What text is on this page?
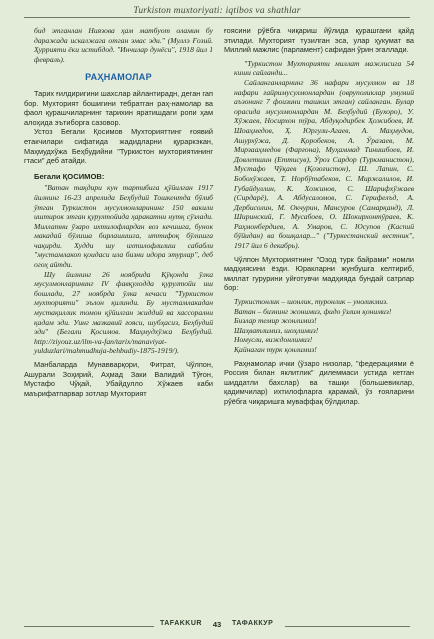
Turkiston muxtoriyati: iqtibos va shathlar

бид этганлан Ниязова ҳам матбуот оламин бу даражада искалжага отган эмас эди." (Муллэ Ғозий. Ҳуррияти ёки истибдод. "Инчилар дунёси", 1918 йил 1 февраль).

РАҲНАМОЛАР

Тарих ғилдиригини шахслар айлантирадн, деган гап бор. Мухторият бошигини тебратган раҳ-намолар ва фаол қурашчиларнинг тарихин яратишдаги ропи ҳам алоҳида эътиборга сазовор.

Устоз Бегали Қосимов Мухторияттинг ғоявий етакчилари сифатида жадидларни қураркэкан, Маҳмудхўжа Беҳбудийни "Туркистон мухториятининг гтаси" деб атайди.

Бегали ҚОСИМОВ:

"Ватан тақдири кун тартибига қўйилган 1917 йилнинг 16-23 апрелида Беҳбудий Тошкентда бўлиб ўтган Туркистон мусулмонларининг 150 вакили иштирок этган қурултойида ҳаракатни нутқ сўзлади. Миллатни ўзаро ихтилофлардан воз кечишга, бунок макадай бўлиша бирлашишга, иттифоқ бўлишга чақирди. Худди шу ихтилофлилиш сабабли "мустамлакоп қоидаси ила бизни идора этурлар", деб огоҳ айтди.

Шу йилнинг 26 ноябрида Қўқонда ўлка мусулмонларининг IV фавқулодда қурултойи иш бошлади, 27 ноябрда ўлка кечаси "Туркистон мухторияти" эълон қилинди. Бу мустамлакадан мустақиллик томон қўйилган жиддий ва хассорални қадам эди. Уинг мазкавий ғояси, шубҳасиз, Беҳбудий эди" (Бегали Қосимов. Маҳмудхўжа Беҳбудий. http://ziyouz.uz/ilm-va-fan/tarix/manaviyat-yulduzlari/mahmudhuja-behbudiy-1875-1919/).

Манбаларда Мунавварқори, Фитрат, Чўлпон, Ашурали Зоҳирий, Аҳмад Заки Валидий Тўғон, Мустафо Чўқай, Убайдулло Хўжаев каби маърифатпарвар зотлар Мухторият

ғоясини рўёбга чиқариш йўлида қурашгани қайд этилади. Мухторият тузилган эса, улар ҳукумат ва Миллий мажлис (парламент) сафидан ўрин эгаллади.

"Туркистон Мухторияти миллат мажлисига 54 киши сайланди...

Сайланганларнинг 36 нафари мусулмон ва 18 нафари ғайримусулмонлардан (овруполиклар умумий аъзонинг 7 фоизини ташкил этган) сайланган. Булар орасида мусулмонлардан М. Беҳбудий (Бухоро), У. Хўжаев, Носирхон тўра, Абдуқодирбек Ҳожибоев, И. Шоаҳмедов, Ҳ. Юргули-Агаев, А. Маҳмудов, Ашурхўжа, Д. Қоробеков, А. Ўразаев, М. Мирзааҳмедов (Фарғона), Муҳаммад Тинишбоев, И. Довлетшин (Еттисув), Ўроз Сардор (Туркманистон), Мустафо Чўқаев (Қозоғистон), Ш. Лапин, С. Бобохўжаев, Т. Норбўтабеков, С. Миржалилов, И. Губайдуллин, К. Хожинов, С. Шарифхўжаев (Сирдарё), А. Абдусаломов, С. Герифелъд, А. Дербисолин, М. Окчурин, Мансуров (Самарқанд), Л. Ширинский, Г. Мусабоев, О. Шокирхонтўраев, К. Раҳмонбердиев, А. Умаров, С. Юсупов (Каспий бўйидан) ва бошқалар..." ("Туркестанский вестник", 1917 йил 6 декабрь).

Чўлпон Мухториятнинг "Озод турк байрами" номли мадҳиясини ёзди. Юракларни жунбушга келтириб, миллат гурурини уйғотувчи мадҳияда бундай сатрлар бор:

Туркистонлик – шонлик, туронлик – уноликмиз.
Ватан – бизнинг жонимиз, фидо ўзлим қонимиз!
Бизлар темир жонлимиз!
Шаҳватлимиз, шоҳлимиз!
Номусли, виждонлимиз!
Қайнаган турк қонлимиз!

Раҳнамолар ички (ўзаро низолар, "федерациями ё Россия билан яклитлик" дилеммаси устида кетган шиддатли бахслар) ва ташқи (большевиклар, қадимчилар) ихтилофларга қарамай, ўз ғояларини рўёбга чиқаришга муваффақ бўлдилар.

TAFAKKUR	43	ТАФАККУР
